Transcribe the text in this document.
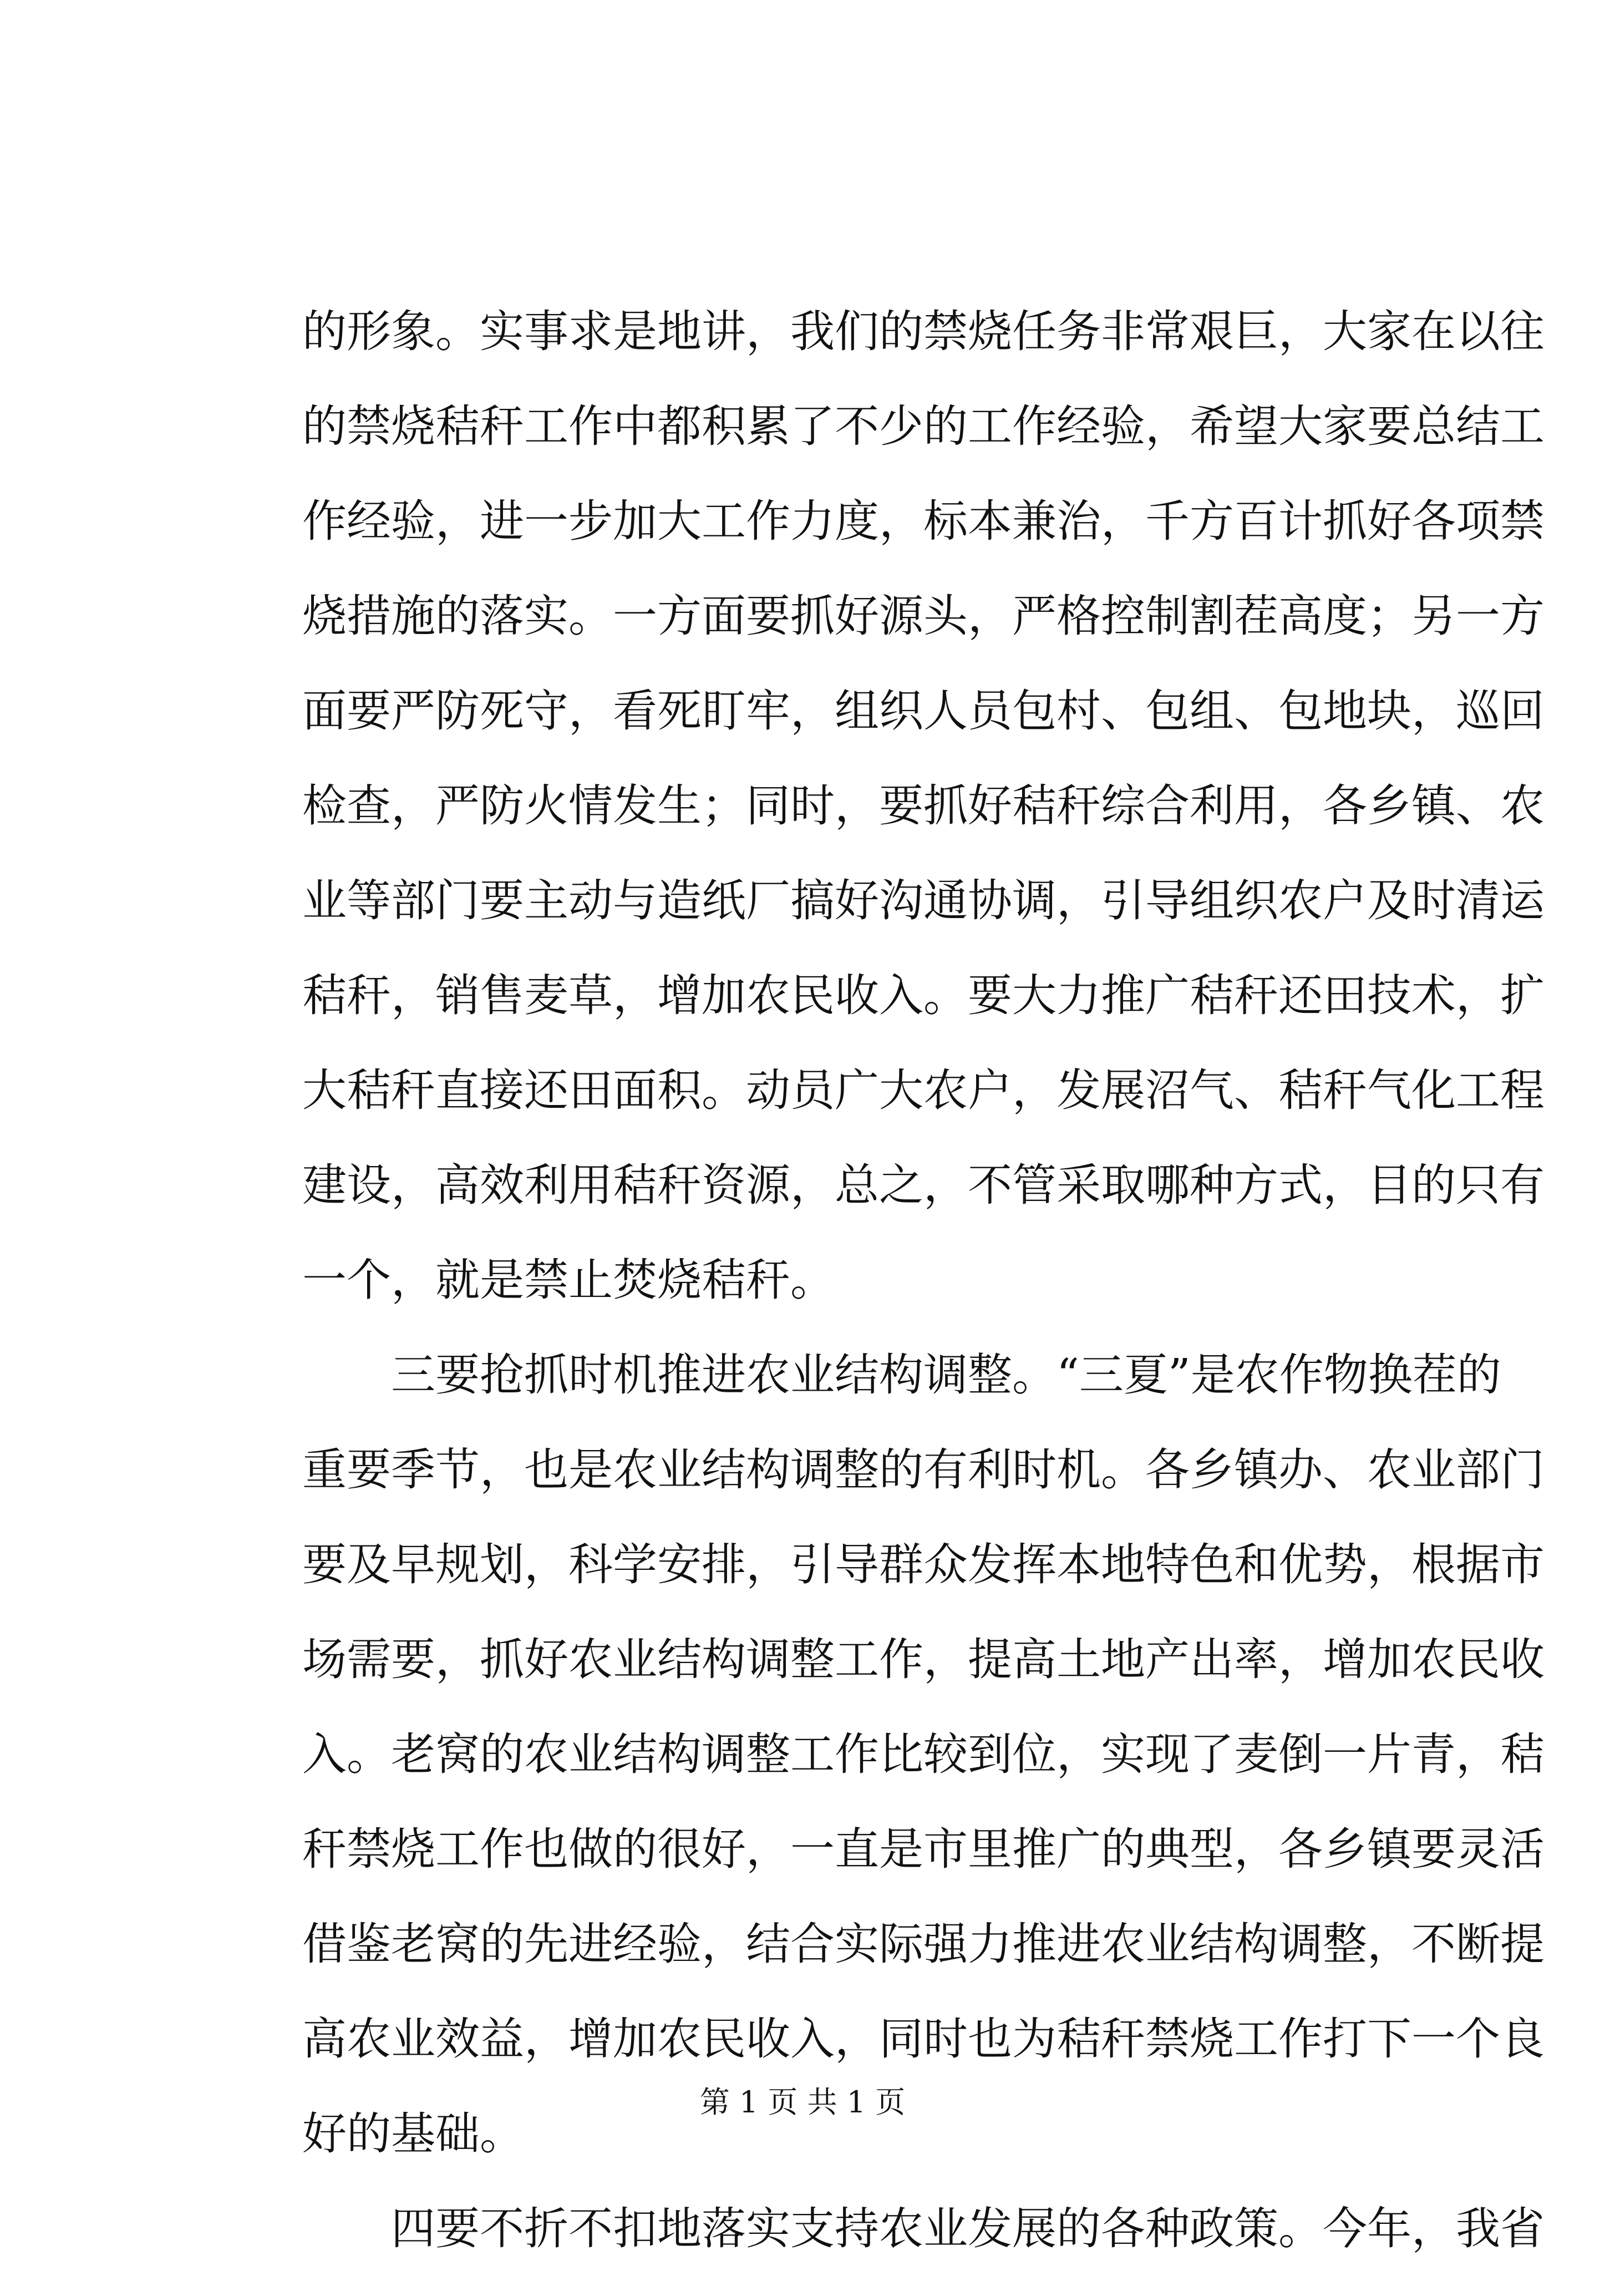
的形象。实事求是地讲，我们的禁烧任务非常艰巨，大家在以往
的禁烧秸秆工作中都积累了不少的工作经验，希望大家要总结工
作经验，进一步加大工作力度，标本兼治，千方百计抓好各项禁
烧措施的落实。一方面要抓好源头，严格控制割茬高度；另一方
面要严防死守，看死盯牢，组织人员包村、包组、包地块，巡回
检查，严防火情发生；同时，要抓好秸秆综合利用，各乡镇、农
业等部门要主动与造纸厂搞好沟通协调，引导组织农户及时清运
秸秆，销售麦草，增加农民收入。要大力推广秸秆还田技术，扩
大秸秆直接还田面积。动员广大农户，发展沼气、秸秆气化工程
建设，高效利用秸秆资源，总之，不管采取哪种方式，目的只有
一个，就是禁止焚烧秸秆。
　　三要抢抓时机推进农业结构调整。“三夏”是农作物换茬的
重要季节，也是农业结构调整的有利时机。各乡镇办、农业部门
要及早规划，科学安排，引导群众发挥本地特色和优势，根据市
场需要，抓好农业结构调整工作，提高土地产出率，增加农民收
入。老窝的农业结构调整工作比较到位，实现了麦倒一片青，秸
秆禁烧工作也做的很好，一直是市里推广的典型，各乡镇要灵活
借鉴老窝的先进经验，结合实际强力推进农业结构调整，不断提
高农业效益，增加农民收入，同时也为秸秆禁烧工作打下一个良
好的基础。
　　四要不折不扣地落实支持农业发展的各种政策。今年，我省
第 1 页 共 1 页
